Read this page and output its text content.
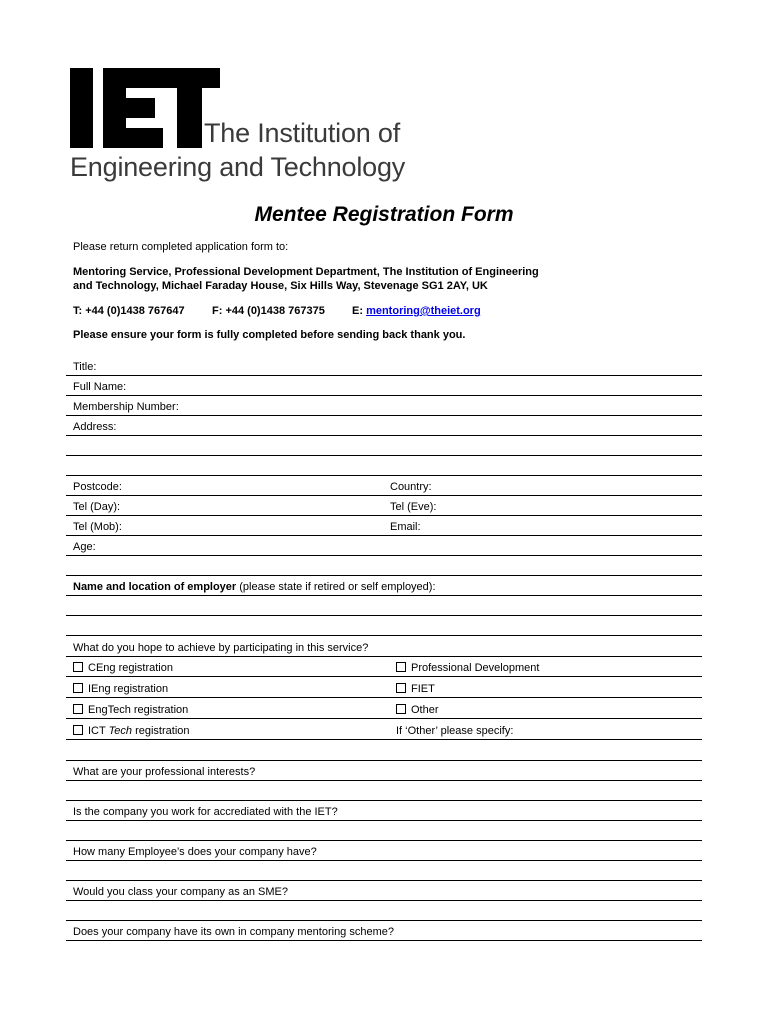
The Institution of
Engineering and Technology
Mentee Registration Form
Please return completed application form to:
Mentoring Service, Professional Development Department, The Institution of Engineering
and Technology, Michael Faraday House, Six Hills Way, Stevenage SG1 2AY, UK
T: +44 (0)1438 767647 F: +44 (0)1438 767375 E: mentoring@theiet.org
Please ensure your form is fully completed before sending back thank you.
Title:
Full Name:
Membership Number:
Address:
Postcode:	Country:
Tel (Day):	Tel (Eve):
Tel (Mob):	Email:
Age:
Name and location of employer (please state if retired or self employed):
What do you hope to achieve by participating in this service?
CEng registration	Professional Development
IEng registration	FIET
EngTech registration	Other
ICT Tech registration	If ‘Other’ please specify:
What are your professional interests?
Is the company you work for accrediated with the IET?
How many Employee’s does your company have?
Would you class your company as an SME?
Does your company have its own in company mentoring scheme?
